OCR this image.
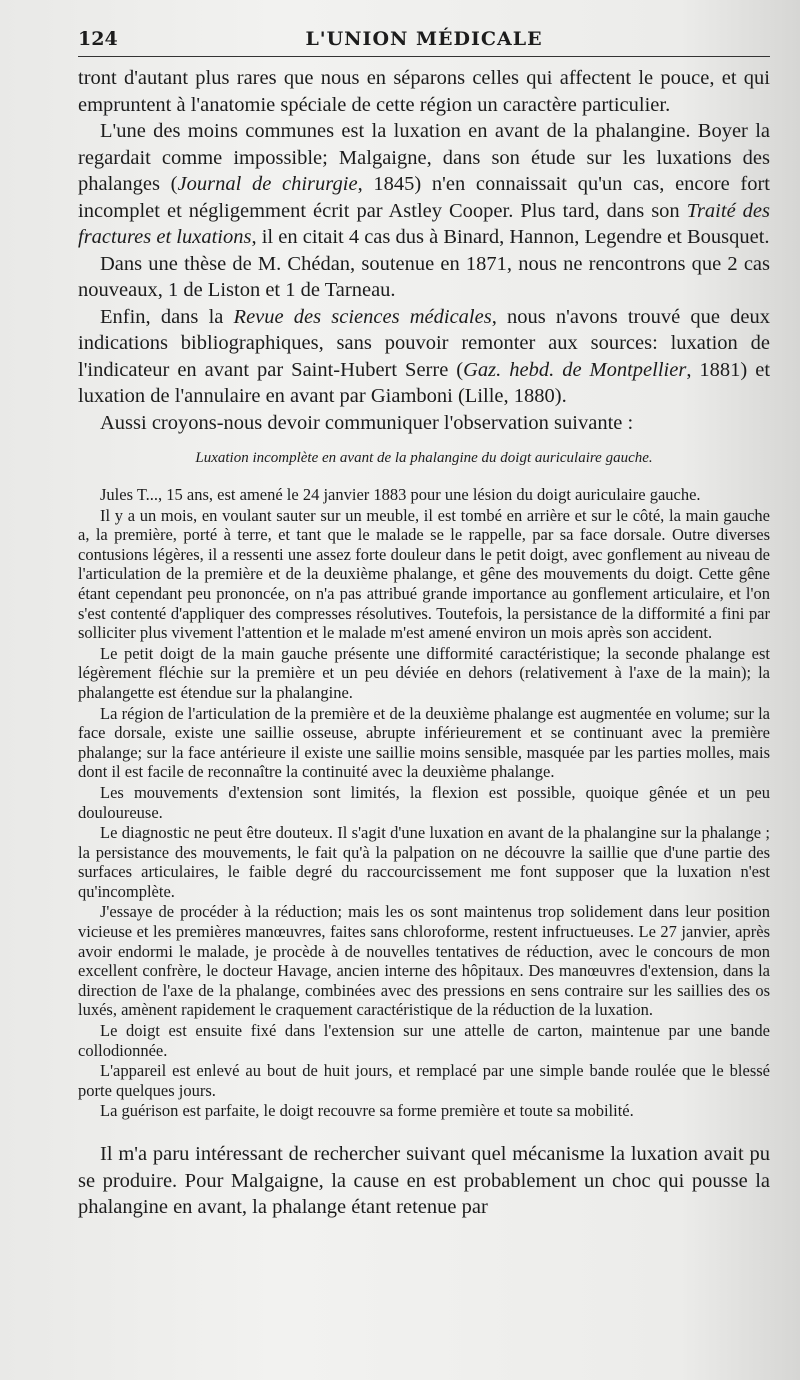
124	L'UNION MÉDICALE

tront d'autant plus rares que nous en séparons celles qui affectent le pouce, et qui empruntent à l'anatomie spéciale de cette région un caractère particulier.

L'une des moins communes est la luxation en avant de la phalangine. Boyer la regardait comme impossible; Malgaigne, dans son étude sur les luxations des phalanges (Journal de chirurgie, 1845) n'en connaissait qu'un cas, encore fort incomplet et négligemment écrit par Astley Cooper. Plus tard, dans son Traité des fractures et luxations, il en citait 4 cas dus à Binard, Hannon, Legendre et Bousquet.

Dans une thèse de M. Chédan, soutenue en 1871, nous ne rencontrons que 2 cas nouveaux, 1 de Liston et 1 de Tarneau.

Enfin, dans la Revue des sciences médicales, nous n'avons trouvé que deux indications bibliographiques, sans pouvoir remonter aux sources: luxation de l'indicateur en avant par Saint-Hubert Serre (Gaz. hebd. de Montpellier, 1881) et luxation de l'annulaire en avant par Giamboni (Lille, 1880).

Aussi croyons-nous devoir communiquer l'observation suivante :

Luxation incomplète en avant de la phalangine du doigt auriculaire gauche.

Jules T..., 15 ans, est amené le 24 janvier 1883 pour une lésion du doigt auriculaire gauche.

Il y a un mois, en voulant sauter sur un meuble, il est tombé en arrière et sur le côté, la main gauche a, la première, porté à terre, et tant que le malade se le rappelle, par sa face dorsale. Outre diverses contusions légères, il a ressenti une assez forte douleur dans le petit doigt, avec gonflement au niveau de l'articulation de la première et de la deuxième phalange, et gêne des mouvements du doigt. Cette gêne étant cependant peu prononcée, on n'a pas attribué grande importance au gonflement articulaire, et l'on s'est contenté d'appliquer des compresses résolutives. Toutefois, la persistance de la difformité a fini par solliciter plus vivement l'attention et le malade m'est amené environ un mois après son accident.

Le petit doigt de la main gauche présente une difformité caractéristique; la seconde phalange est légèrement fléchie sur la première et un peu déviée en dehors (relativement à l'axe de la main); la phalangette est étendue sur la phalangine.

La région de l'articulation de la première et de la deuxième phalange est augmentée en volume; sur la face dorsale, existe une saillie osseuse, abrupte inférieurement et se continuant avec la première phalange; sur la face antérieure il existe une saillie moins sensible, masquée par les parties molles, mais dont il est facile de reconnaître la continuité avec la deuxième phalange.

Les mouvements d'extension sont limités, la flexion est possible, quoique gênée et un peu douloureuse.

Le diagnostic ne peut être douteux. Il s'agit d'une luxation en avant de la phalangine sur la phalange ; la persistance des mouvements, le fait qu'à la palpation on ne découvre la saillie que d'une partie des surfaces articulaires, le faible degré du raccourcissement me font supposer que la luxation n'est qu'incomplète.

J'essaye de procéder à la réduction; mais les os sont maintenus trop solidement dans leur position vicieuse et les premières manœuvres, faites sans chloroforme, restent infructueuses. Le 27 janvier, après avoir endormi le malade, je procède à de nouvelles tentatives de réduction, avec le concours de mon excellent confrère, le docteur Havage, ancien interne des hôpitaux. Des manœuvres d'extension, dans la direction de l'axe de la phalange, combinées avec des pressions en sens contraire sur les saillies des os luxés, amènent rapidement le craquement caractéristique de la réduction de la luxation.

Le doigt est ensuite fixé dans l'extension sur une attelle de carton, maintenue par une bande collodionnée.

L'appareil est enlevé au bout de huit jours, et remplacé par une simple bande roulée que le blessé porte quelques jours.

La guérison est parfaite, le doigt recouvre sa forme première et toute sa mobilité.

Il m'a paru intéressant de rechercher suivant quel mécanisme la luxation avait pu se produire. Pour Malgaigne, la cause en est probablement un choc qui pousse la phalangine en avant, la phalange étant retenue par
